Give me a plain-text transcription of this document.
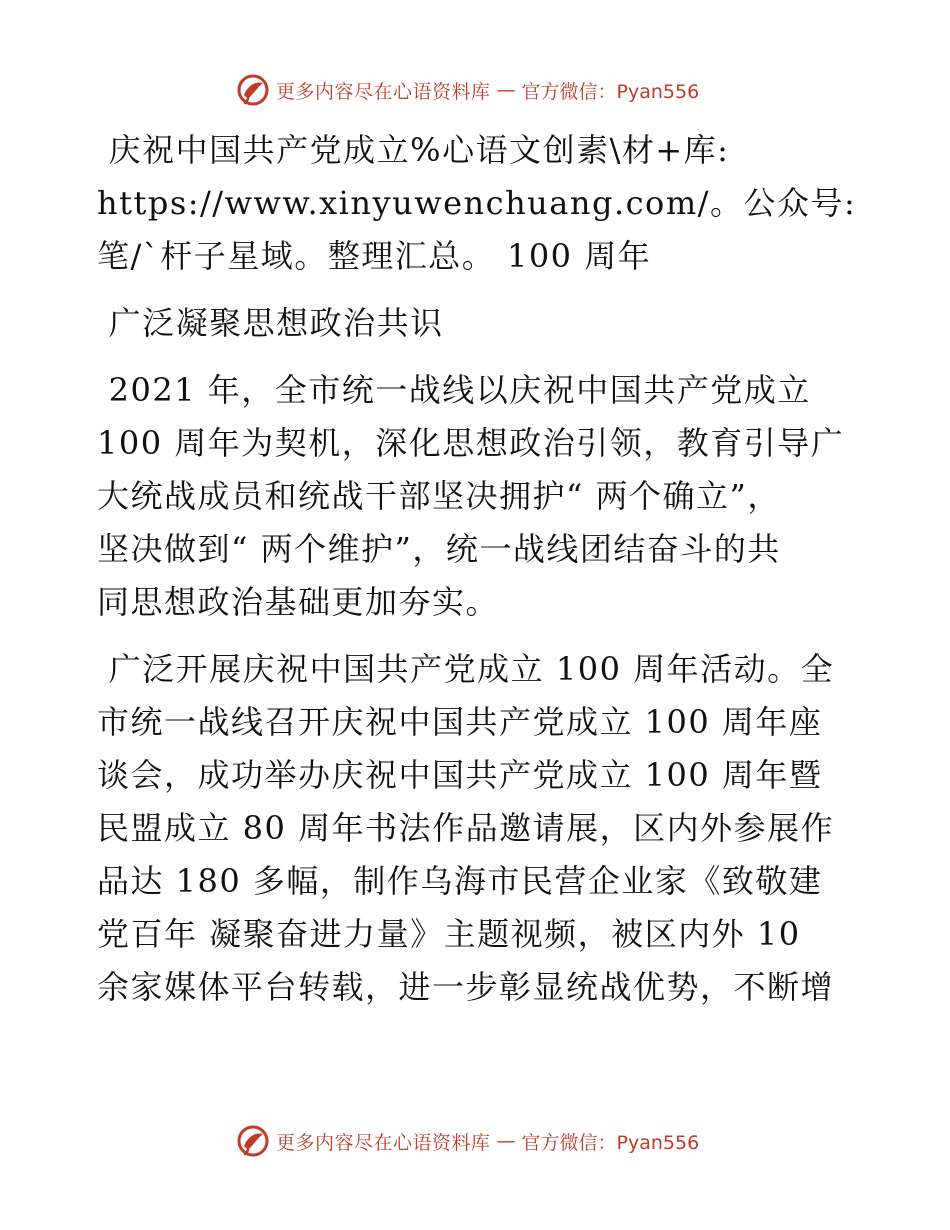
更多内容尽在心语资料库 — 官方微信：Pyan556

庆祝中国共产党成立%心语文创素\材+库:
https://www.xinyuwenchuang.com/。公众号:
笔/`杆子星域。整理汇总。 100 周年

广泛凝聚思想政治共识

2021 年，全市统一战线以庆祝中国共产党成立
100 周年为契机，深化思想政治引领，教育引导广
大统战成员和统战干部坚决拥护“ 两个确立”，
坚决做到“ 两个维护”，统一战线团结奋斗的共
同思想政治基础更加夯实。

广泛开展庆祝中国共产党成立 100 周年活动。全
市统一战线召开庆祝中国共产党成立 100 周年座
谈会，成功举办庆祝中国共产党成立 100 周年暨
民盟成立 80 周年书法作品邀请展，区内外参展作
品达 180 多幅，制作乌海市民营企业家《致敬建
党百年 凝聚奋进力量》主题视频，被区内外 10
余家媒体平台转载，进一步彰显统战优势，不断增

更多内容尽在心语资料库 — 官方微信：Pyan556
